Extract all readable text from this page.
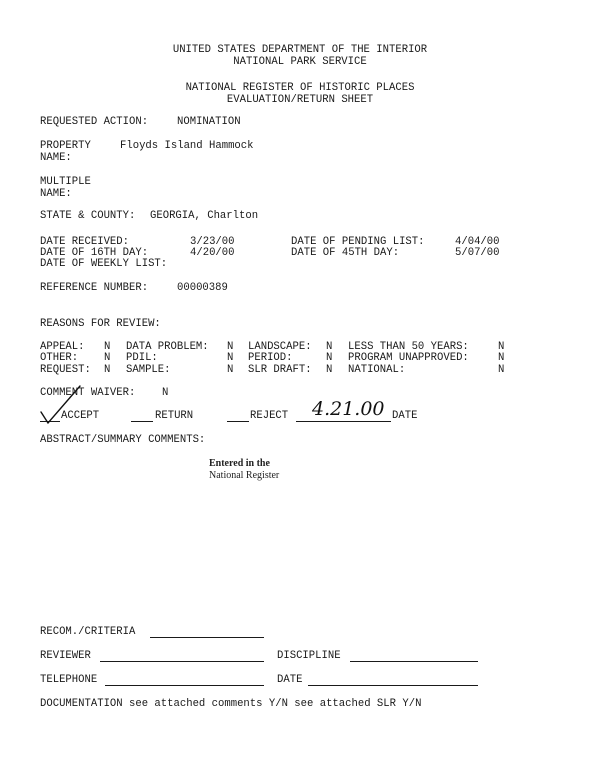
UNITED STATES DEPARTMENT OF THE INTERIOR
NATIONAL PARK SERVICE
NATIONAL REGISTER OF HISTORIC PLACES
EVALUATION/RETURN SHEET
REQUESTED ACTION:	NOMINATION
PROPERTY
NAME:
Floyds Island Hammock
MULTIPLE
NAME:
STATE & COUNTY: GEORGIA, Charlton
DATE RECEIVED:	3/23/00	DATE OF PENDING LIST:	4/04/00
DATE OF 16TH DAY:	4/20/00	DATE OF 45TH DAY:	5/07/00
DATE OF WEEKLY LIST:
REFERENCE NUMBER:	00000389
REASONS FOR REVIEW:
APPEAL: N DATA PROBLEM: N LANDSCAPE: N LESS THAN 50 YEARS:	N
OTHER: N PDIL:	N PERIOD:	N PROGRAM UNAPPROVED:	N
REQUEST: N SAMPLE:	N SLR DRAFT: N NATIONAL:	N
COMMENT WAIVER:	N
ACCEPT	RETURN	REJECT 4.21.00 DATE
ABSTRACT/SUMMARY COMMENTS:
Entered in the
National Register
RECOM./CRITERIA
REVIEWER	DISCIPLINE
TELEPHONE	DATE
DOCUMENTATION see attached comments Y/N see attached SLR Y/N
